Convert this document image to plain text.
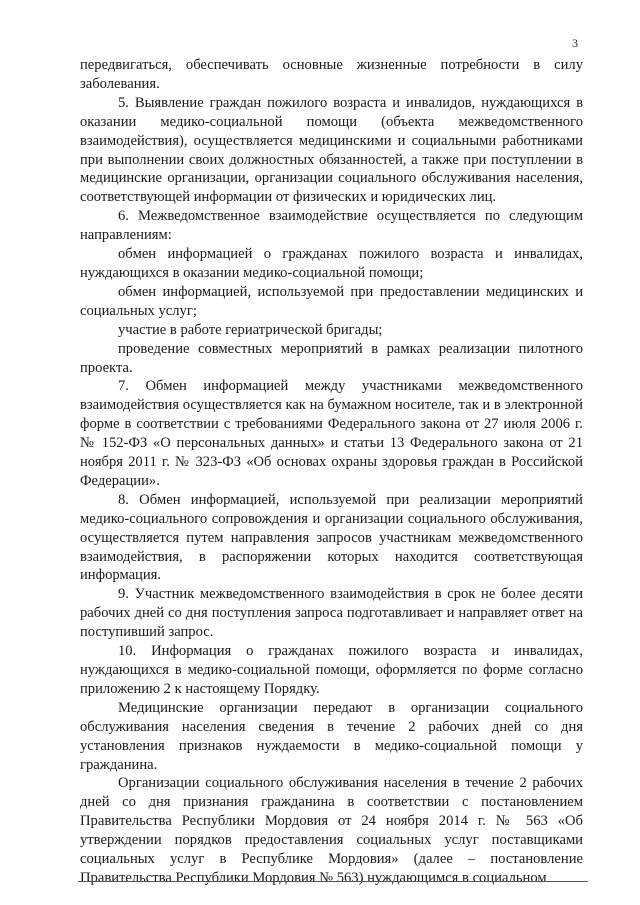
3

передвигаться, обеспечивать основные жизненные потребности в силу заболевания.

5. Выявление граждан пожилого возраста и инвалидов, нуждающихся в оказании медико-социальной помощи (объекта межведомственного взаимодействия), осуществляется медицинскими и социальными работниками при выполнении своих должностных обязанностей, а также при поступлении в медицинские организации, организации социального обслуживания населения, соответствующей информации от физических и юридических лиц.

6. Межведомственное взаимодействие осуществляется по следующим направлениям:

обмен информацией о гражданах пожилого возраста и инвалидах, нуждающихся в оказании медико-социальной помощи;

обмен информацией, используемой при предоставлении медицинских и социальных услуг;

участие в работе гериатрической бригады;

проведение совместных мероприятий в рамках реализации пилотного проекта.

7. Обмен информацией между участниками межведомственного взаимодействия осуществляется как на бумажном носителе, так и в электронной форме в соответствии с требованиями Федерального закона от 27 июля 2006 г. № 152-ФЗ «О персональных данных» и статьи 13 Федерального закона от 21 ноября 2011 г. № 323-ФЗ «Об основах охраны здоровья граждан в Российской Федерации».

8. Обмен информацией, используемой при реализации мероприятий медико-социального сопровождения и организации социального обслуживания, осуществляется путем направления запросов участникам межведомственного взаимодействия, в распоряжении которых находится соответствующая информация.

9. Участник межведомственного взаимодействия в срок не более десяти рабочих дней со дня поступления запроса подготавливает и направляет ответ на поступивший запрос.

10. Информация о гражданах пожилого возраста и инвалидах, нуждающихся в медико-социальной помощи, оформляется по форме согласно приложению 2 к настоящему Порядку.

Медицинские организации передают в организации социального обслуживания населения сведения в течение 2 рабочих дней со дня установления признаков нуждаемости в медико-социальной помощи у гражданина.

Организации социального обслуживания населения в течение 2 рабочих дней со дня признания гражданина в соответствии с постановлением Правительства Республики Мордовия от 24 ноября 2014 г. № 563 «Об утверждении порядков предоставления социальных услуг поставщиками социальных услуг в Республике Мордовия» (далее – постановление Правительства Республики Мордовия № 563) нуждающимся в социальном
